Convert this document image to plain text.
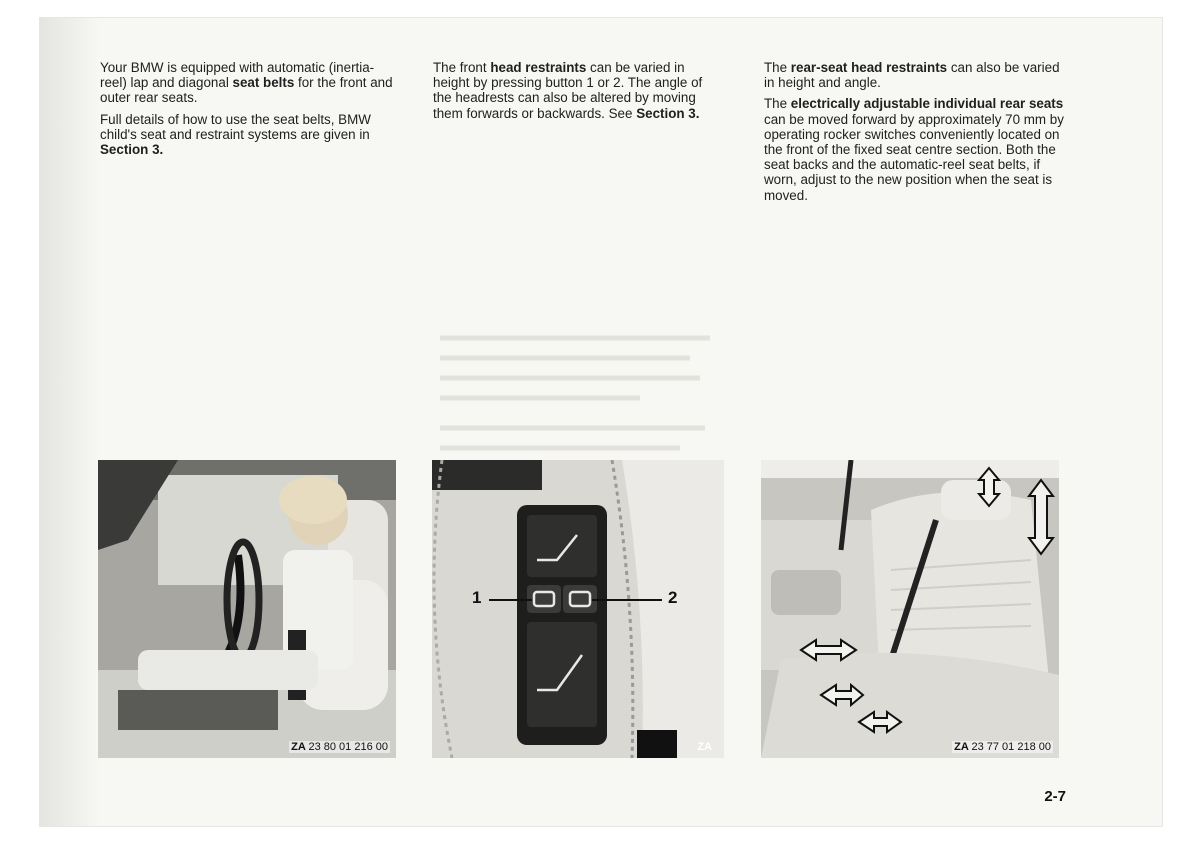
Your BMW is equipped with automatic (inertia-reel) lap and diagonal seat belts for the front and outer rear seats.

Full details of how to use the seat belts, BMW child's seat and restraint systems are given in Section 3.

The front head restraints can be varied in height by pressing button 1 or 2. The angle of the headrests can also be altered by moving them forwards or backwards. See Section 3.

The rear-seat head restraints can also be varied in height and angle.

The electrically adjustable individual rear seats can be moved forward by approximately 70 mm by operating rocker switches conveniently located on the front of the fixed seat centre section. Both the seat backs and the automatic-reel seat belts, if worn, adjust to the new position when the seat is moved.

ZA 23 80 01 216 00
1	2
ZA	ZA 23 77 01 218 00
2-7
